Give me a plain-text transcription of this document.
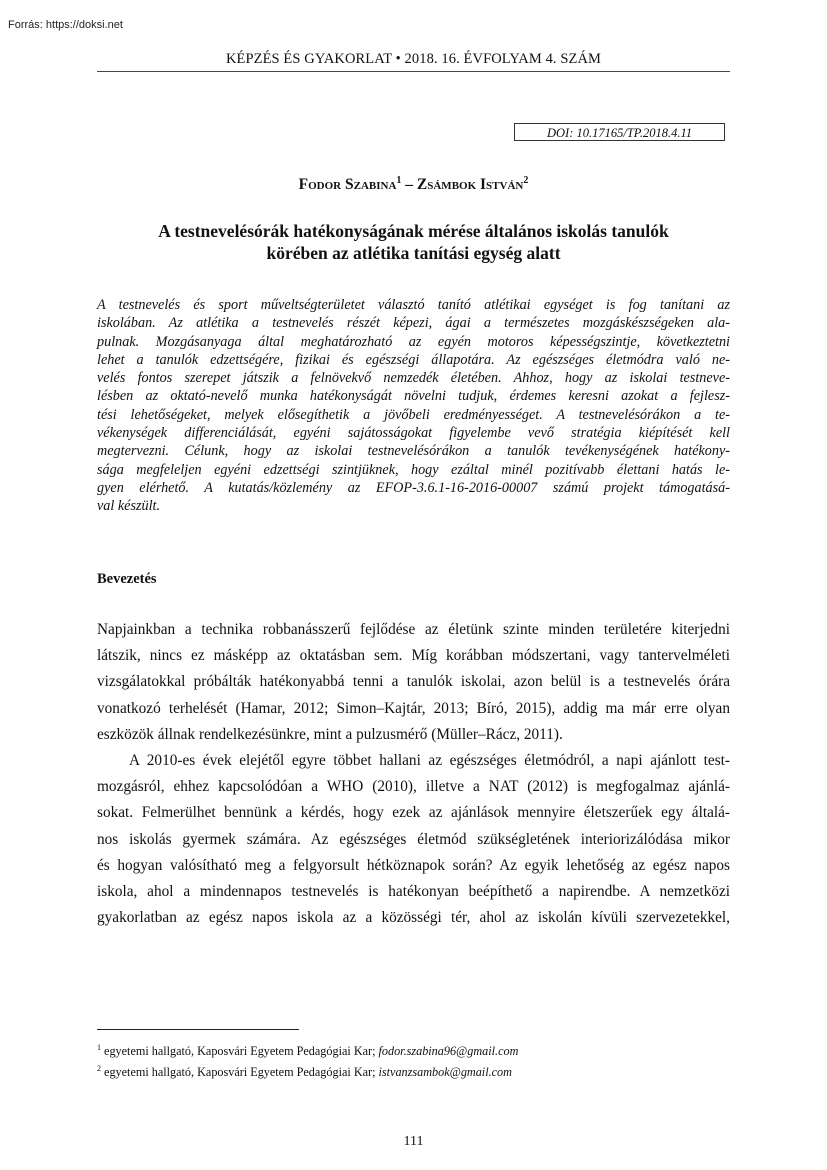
Forrás: https://doksi.net
KÉPZÉS ÉS GYAKORLAT • 2018. 16. ÉVFOLYAM 4. SZÁM
DOI: 10.17165/TP.2018.4.11
Fodor Szabina$^1$ – Zsámbok István$^2$
A testnevelésórák hatékonyságának mérése általános iskolás tanulók
körében az atlétika tanítási egység alatt
A testnevelés és sport műveltségterületet választó tanító atlétikai egységet is fog tanítani az
iskolában. Az atlétika a testnevelés részét képezi, ágai a természetes mozgáskészségeken ala-
pulnak. Mozgásanyaga által meghatározható az egyén motoros képességszintje, következtetni
lehet a tanulók edzettségére, fizikai és egészségi állapotára. Az egészséges életmódra való ne-
velés fontos szerepet játszik a felnövekvő nemzedék életében. Ahhoz, hogy az iskolai testneve-
lésben az oktató-nevelő munka hatékonyságát növelni tudjuk, érdemes keresni azokat a fejlesz-
tési lehetőségeket, melyek elősegíthetik a jövőbeli eredményességet. A testnevelésórákon a te-
vékenységek differenciálását, egyéni sajátosságokat figyelembe vevő stratégia kiépítését kell
megtervezni. Célunk, hogy az iskolai testnevelésórákon a tanulók tevékenységének hatékony-
sága megfeleljen egyéni edzettségi szintjüknek, hogy ezáltal minél pozitívabb élettani hatás le-
gyen elérhető. A kutatás/közlemény az EFOP-3.6.1-16-2016-00007 számú projekt támogatásá-
val készült.
Bevezetés
Napjainkban a technika robbanásszerű fejlődése az életünk szinte minden területére kiterjedni
látszik, nincs ez másképp az oktatásban sem. Míg korábban módszertani, vagy tantervelméleti
vizsgálatokkal próbálták hatékonyabbá tenni a tanulók iskolai, azon belül is a testnevelés órára
vonatkozó terhelését (Hamar, 2012; Simon–Kajtár, 2013; Bíró, 2015), addig ma már erre olyan
eszközök állnak rendelkezésünkre, mint a pulzusmérő (Müller–Rácz, 2011).
A 2010-es évek elejétől egyre többet hallani az egészséges életmódról, a napi ajánlott test-
mozgásról, ehhez kapcsolódóan a WHO (2010), illetve a NAT (2012) is megfogalmaz ajánlá-
sokat. Felmerülhet bennünk a kérdés, hogy ezek az ajánlások mennyire életszerűek egy általá-
nos iskolás gyermek számára. Az egészséges életmód szükségletének interiorizálódása mikor
és hogyan valósítható meg a felgyorsult hétköznapok során? Az egyik lehetőség az egész napos
iskola, ahol a mindennapos testnevelés is hatékonyan beépíthető a napirendbe. A nemzetközi
gyakorlatban az egész napos iskola az a közösségi tér, ahol az iskolán kívüli szervezetekkel,
$^1$ egyetemi hallgató, Kaposvári Egyetem Pedagógiai Kar; fodor.szabina96@gmail.com
$^2$ egyetemi hallgató, Kaposvári Egyetem Pedagógiai Kar; istvanzsambok@gmail.com
111
